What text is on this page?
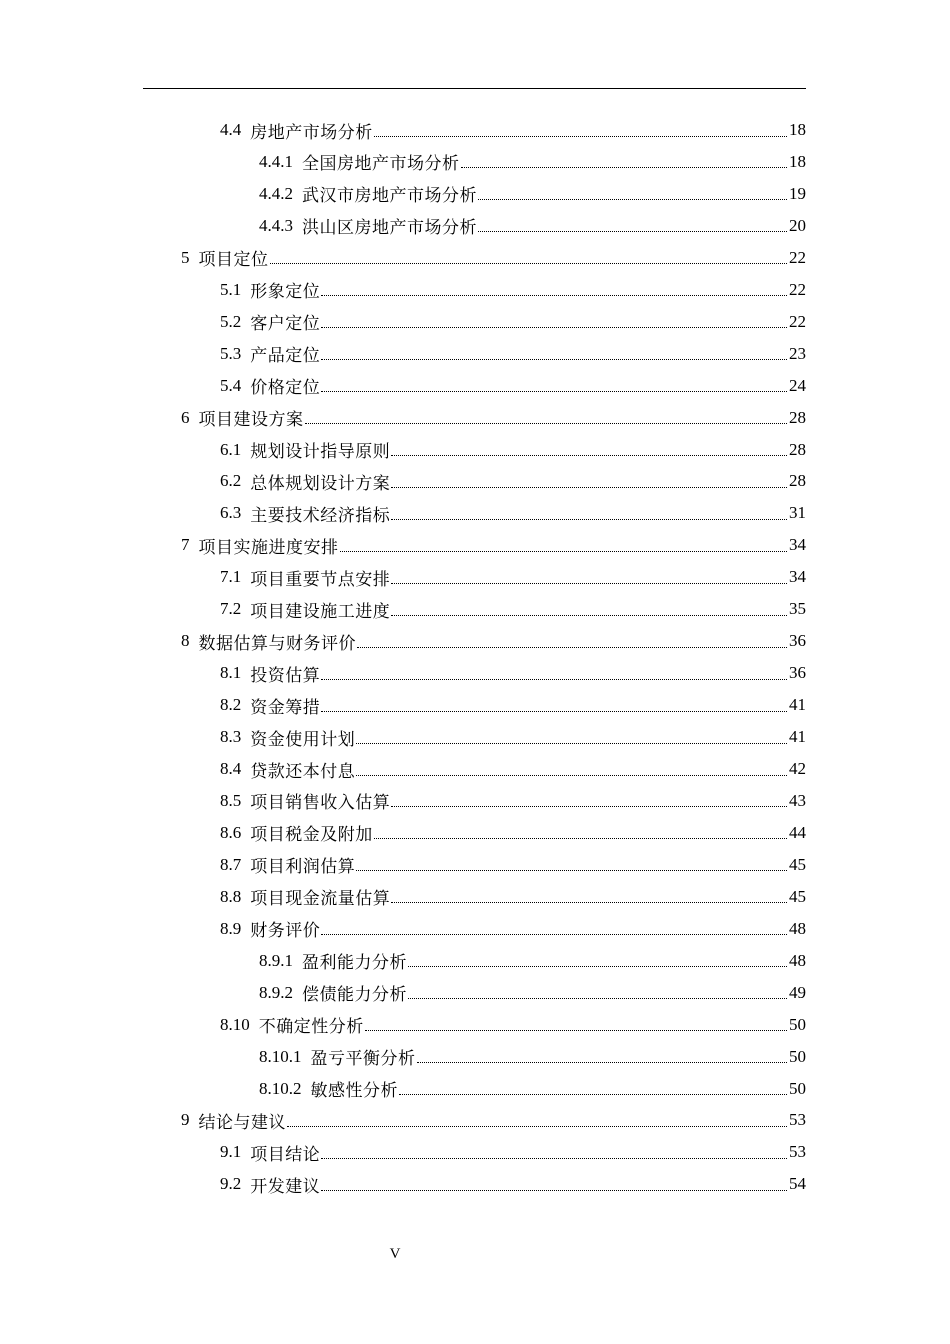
4.4 房地产市场分析	18
4.4.1 全国房地产市场分析	18
4.4.2 武汉市房地产市场分析	19
4.4.3 洪山区房地产市场分析	20
5 项目定位	22
5.1 形象定位	22
5.2 客户定位	22
5.3 产品定位	23
5.4 价格定位	24
6 项目建设方案	28
6.1 规划设计指导原则	28
6.2 总体规划设计方案	28
6.3 主要技术经济指标	31
7 项目实施进度安排	34
7.1 项目重要节点安排	34
7.2 项目建设施工进度	35
8 数据估算与财务评价	36
8.1 投资估算	36
8.2 资金筹措	41
8.3 资金使用计划	41
8.4 贷款还本付息	42
8.5 项目销售收入估算	43
8.6 项目税金及附加	44
8.7 项目利润估算	45
8.8 项目现金流量估算	45
8.9 财务评价	48
8.9.1 盈利能力分析	48
8.9.2 偿债能力分析	49
8.10 不确定性分析	50
8.10.1 盈亏平衡分析	50
8.10.2 敏感性分析	50
9 结论与建议	53
9.1 项目结论	53
9.2 开发建议	54
V
